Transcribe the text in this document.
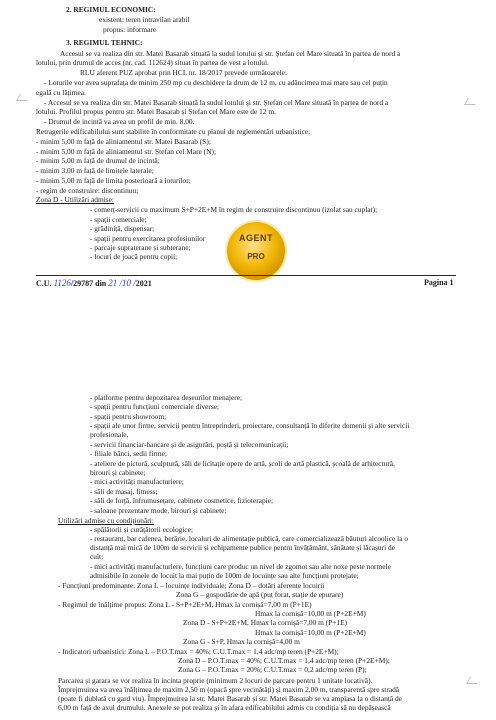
2. REGIMUL ECONOMIC:
existent: teren intravilan arabil
propus: informare
3. REGIMUL TEHNIC:
Accesul se va realiza din str. Matei Basarab situată la sudul lotului și str. Ștefan cel Mare situată în partea de nord a
lotului, prin drumul de acces (nr. cad. 112624) situat în partea de vest a lotului.
RLU aferent PUZ aprobat prin HCL nr. 18/2017 prevede următoarele:
- Loturile vor avea suprafața de minim 250 mp cu deschidere la drum de 12 m, cu adâncimea mai mare sau cel puțin
egală cu lățimea.
- Accesul se va realiza din str. Matei Basarab situată la sudul lotului și str. Ștefan cel Mare situată în partea de nord a
lotului. Profilul propus pentru str. Matei Basarab și Ștefan cel Mare este de 12 m.
- Drumul de incintă va avea un profil de min. 8,00.
Retragerile edificabilului sunt stabilite în conformitate cu planul de reglementări urbanistice:
- minim 5,00 m față de aliniamentul str. Matei Basarab (S);
- minim 5,00 m față de aliniamentul str. Ștefan cel Mare (N);
- minim 5,00 m față de drumul de incintă;
- minim 3,00 m față de limitele laterale;
- minim 5,00 m față de limita posterioară a loturilor;
- regim de construire: discontinuu;
Zona D - Utilizări admise:
- comerț-servicii cu maximum S+P+2E+M în regim de construire discontinuu (izolat sau cuplat);
- spații comerciale;
- grădiniță, dispensar;
- spații pentru exercitarea profesiunilor
- parcaje supraterane și subterane;
- locuri de joacă pentru copii;
AGENT
PRO
C.U. 1126/29787 din 21 /10 /2021	Pagina 1
- platforme pentru depozitarea deșeurilor menajere;
- spații pentru funcțiuni comerciale diverse;
- spații pentru showroom;
- spații ale unor firme, servicii pentru întreprinderi, proiectare, consultanță în diferite domenii și alte servicii
profesionale,
- servicii financiar-bancare și de asigurări, poștă și telecomunicații;
- filiale bănci, sedii firme;
- ateliere de pictură, sculptură, săli de licitație opere de artă, școli de artă plastică, școală de arhitectură,
birouri și cabinete;
- mici activități manufacturiere;
- săli de masaj, fitness;
- săli de forță, înfrumusețare, cabinete cosmetice, fizioterapie;
- saloane prezentare mode, birouri și cabinete;
Utilizări admise cu condiționări:
- spălătorii și curățătorii ecologice;
- restaurant, bar cafenea, berărie, localuri de alimentație publică, care comercializează băuturi alcoolice la o
distanță mai mică de 100m de servicii și echipamente publice pentru învățământ, sănătate și lăcașuri de
cult;
- mici activități manufacturiere, funcțiuni care produc un nivel de zgomot sau alte noxe peste normele
admisibile în zonele de locuit la mai puțin de 100m de locuințe sau alte funcțiuni protejate;
- Funcțiuni predominante: Zona L – locuințe individuale; Zona D – dotări aferente locuirii
Zona G – gospodărie de apă (puț forat, stație de epurare)
- Regimul de înălțime propus: Zona L - S+P+2E+M, Hmax la cornișă=7,00 m (P+1E)
Hmax la cornișă=10,00 m (P+2E+M)
Zona D - S+P+2E+M, Hmax la cornișă=7,00 m (P+1E)
Hmax la cornișă=10,00 m (P+2E+M)
Zona G - S+P, Hmax la cornișă=4,00 m
- Indicatori urbanistici: Zona L – P.O.T.max = 40%; C.U.T.max = 1,4 adc/mp teren (P+2E+M);
Zona D – P.O.T.max = 40%; C.U.T.max = 1,4 adc/mp teren (P+2E+M);
Zona G – P.O.T.max = 20%; C.U.T.max = 0,2 adc/mp teren (P);
Parcarea și garara se vor realiza în incinta proprie (minimum 2 locuri de parcare pentru 1 unitate locativă).
Împrejmuirea va avea înălțimea de maxim 2,50 m (opacă spre vecinătăți) și maxim 2,00 m, transparentă spre stradă
(poate fi dublată cu gard viu). Împrejmuirea la str. Matei Basarab și str. Matei Basarab se va amplasa la o distanță de
6,00 m față de axul drumului. Anexele se pot realiza și în afara edificabilului admis cu condiția să nu depășească
